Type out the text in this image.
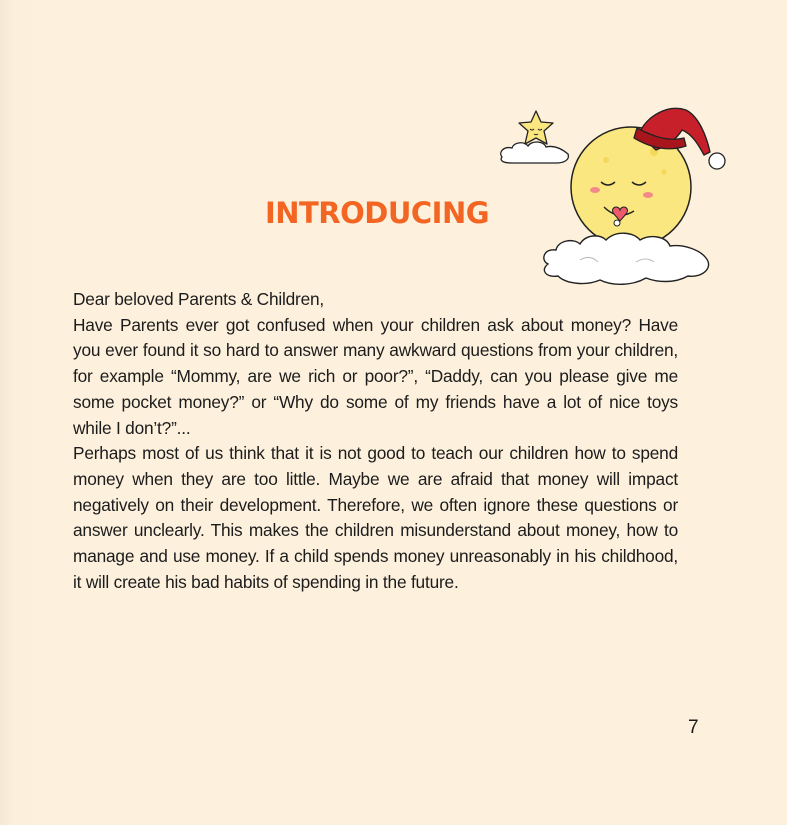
INTRODUCING

Dear beloved Parents & Children,

Have Parents ever got confused when your children ask about money? Have you ever found it so hard to answer many awkward questions from your children, for example “Mommy, are we rich or poor?”, “Daddy, can you please give me some pocket money?” or “Why do some of my friends have a lot of nice toys while I don’t?”...

Perhaps most of us think that it is not good to teach our children how to spend money when they are too little. Maybe we are afraid that money will impact negatively on their development. Therefore, we often ignore these questions or answer unclearly. This makes the children misunderstand about money, how to manage and use money. If a child spends money unreasonably in his childhood, it will create his bad habits of spending in the future.

7
